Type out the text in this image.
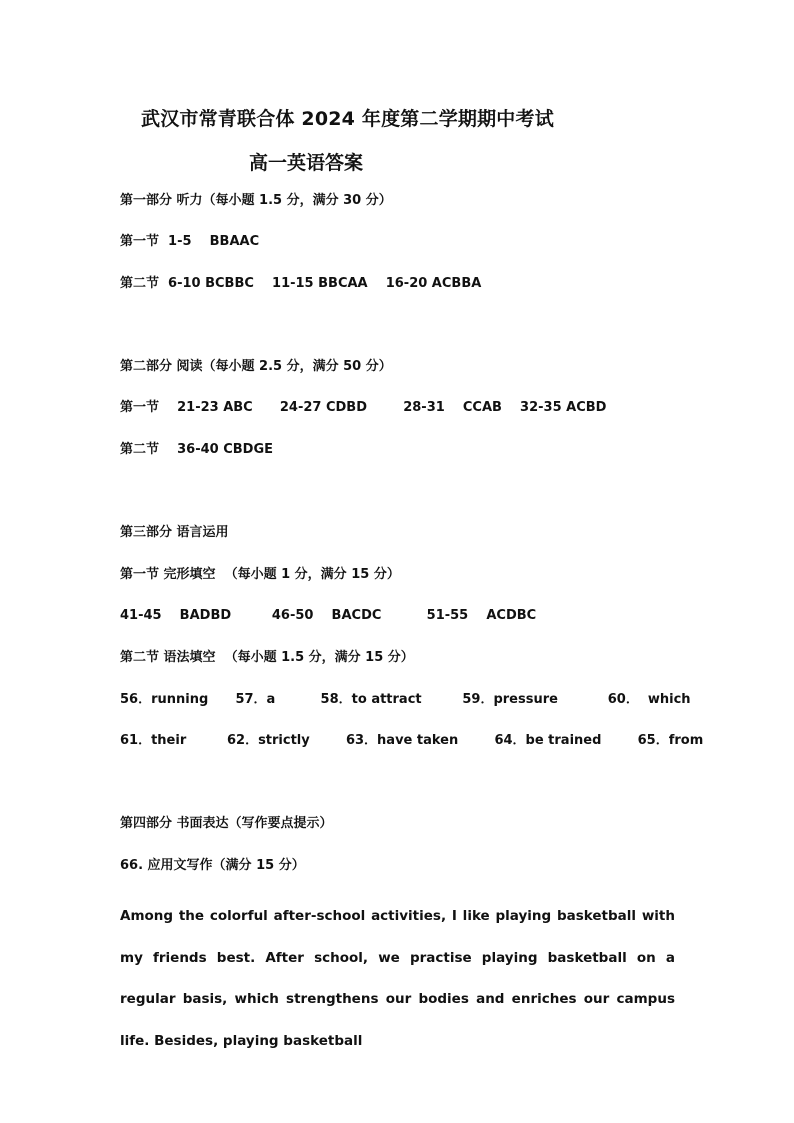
武汉市常青联合体 2024 年度第二学期期中考试
高一英语答案
第一部分 听力（每小题 1.5 分，满分 30 分）
第一节  1-5    BBAAC
第二节  6-10 BCBBC    11-15 BBCAA    16-20 ACBBA
第二部分 阅读（每小题 2.5 分，满分 50 分）
第一节    21-23 ABC      24-27 CDBD        28-31    CCAB    32-35 ACBD
第二节    36-40 CBDGE
第三部分 语言运用
第一节 完形填空  （每小题 1 分，满分 15 分）
41-45    BADBD         46-50    BACDC          51-55    ACDBC
第二节 语法填空  （每小题 1.5 分，满分 15 分）
56．running      57．a          58．to attract         59．pressure           60．  which
61．their         62．strictly        63．have taken        64．be trained        65．from
第四部分 书面表达（写作要点提示）
66. 应用文写作（满分 15 分）
Among the colorful after-school activities, I like playing basketball with my friends best. After school, we practise playing basketball on a regular basis, which strengthens our bodies and enriches our campus life. Besides, playing basketball
